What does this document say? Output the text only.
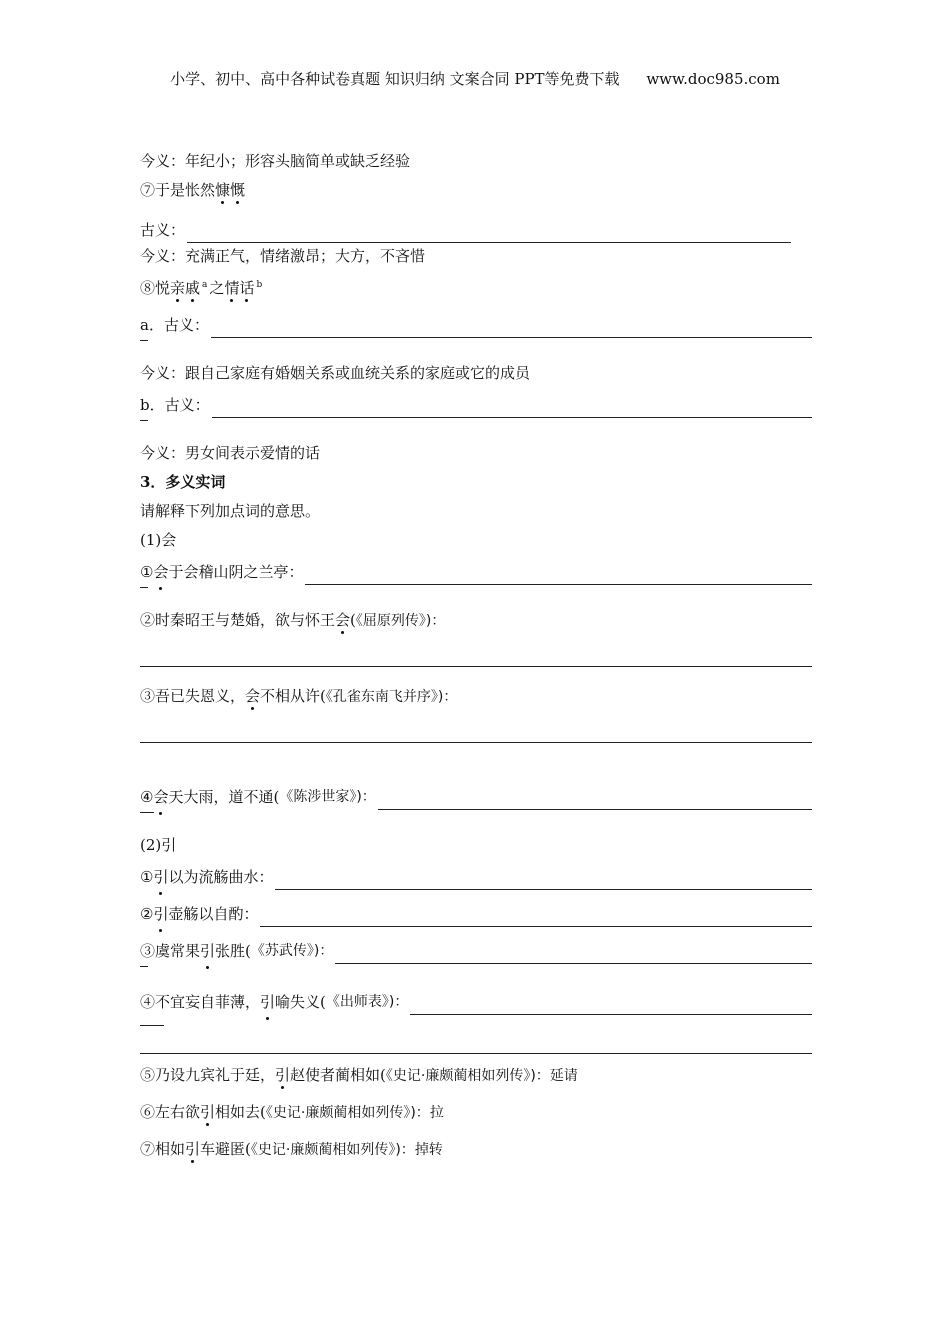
小学、初中、高中各种试卷真题 知识归纳 文案合同 PPT等免费下载 www.doc985.com
今义：年纪小；形容头脑简单或缺乏经验
⑦于是怅然慷慨
古义：
今义：充满正气，情绪激昂；大方，不吝惜
⑧悦亲戚 $^a$ 之情话 $^b$
a．古义：
今义：跟自己家庭有婚姻关系或血统关系的家庭或它的成员
b．古义：
今义：男女间表示爱情的话
3．多义实词
请解释下列加点词的意思。
(1)会
① 会 于会稽山阴之兰亭：
②时秦昭王与楚婚，欲与怀王会(《屈原列传》)：
③吾已失恩义，会不相从许(《孔雀东南飞并序》)：
④ 会 天大雨，道不通( 《陈涉世家》)：
(2)引
① 引 以为流觞曲水：
② 引 壶觞以自酌：
③虞常果 引 张胜( 《苏武传》)：
④不宜妄自菲薄， 引 喻失义( 《出师表》)：
⑤乃设九宾礼于廷，引赵使者蔺相如(《史记·廉颇蔺相如列传》)：延请
⑥左右欲引相如去(《史记·廉颇蔺相如列传》)：拉
⑦相如引车避匿(《史记·廉颇蔺相如列传》)：掉转
